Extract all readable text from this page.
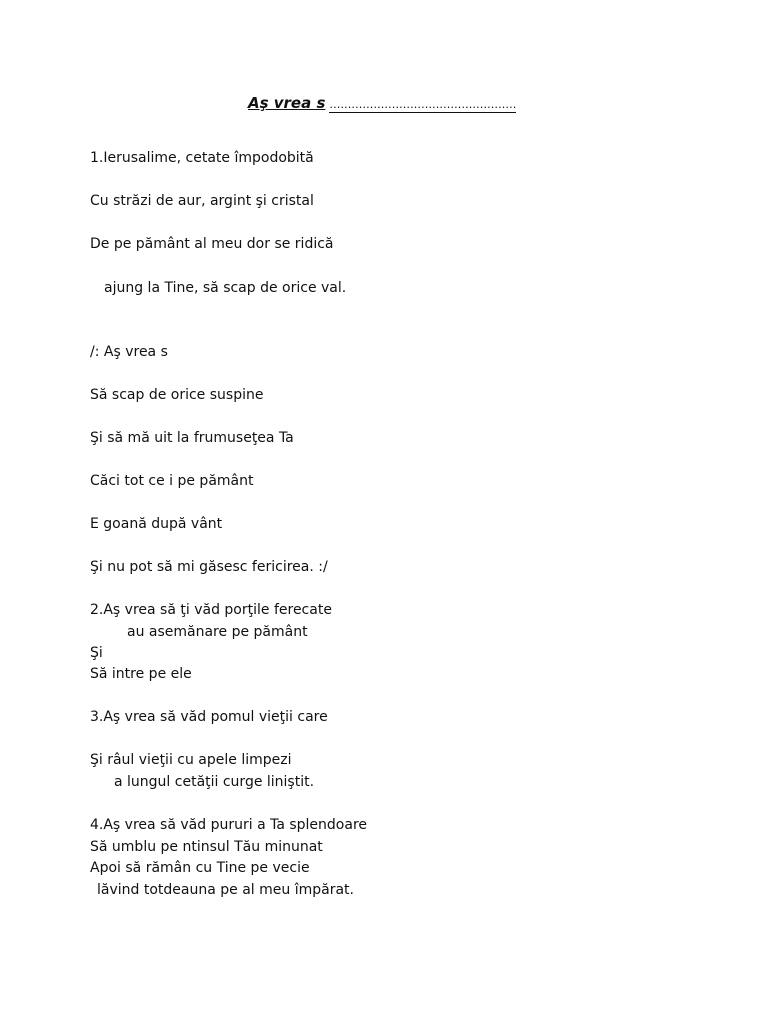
Aş vrea s ……………………………………………
1.Ierusalime, cetate împodobită
Cu străzi de aur, argint şi cristal
De pe pământ al meu dor se ridică
ajung la Tine, să scap de orice val.
/: Aş vrea s
Să scap de orice suspine
Şi să mă uit la frumuseţea Ta
Căci tot ce i pe pământ
E goană după vânt
Şi nu pot să mi găsesc fericirea. :/
2.Aş vrea să ţi văd porţile ferecate
au asemănare pe pământ
Şi
Să intre pe ele
3.Aş vrea să văd pomul vieţii care
Şi râul vieţii cu apele limpezi
a lungul cetăţii curge liniştit.
4.Aş vrea să văd pururi a Ta splendoare
Să umblu pe ntinsul Tău minunat
Apoi să rămân cu Tine pe vecie
lăvind totdeauna pe al meu împărat.
